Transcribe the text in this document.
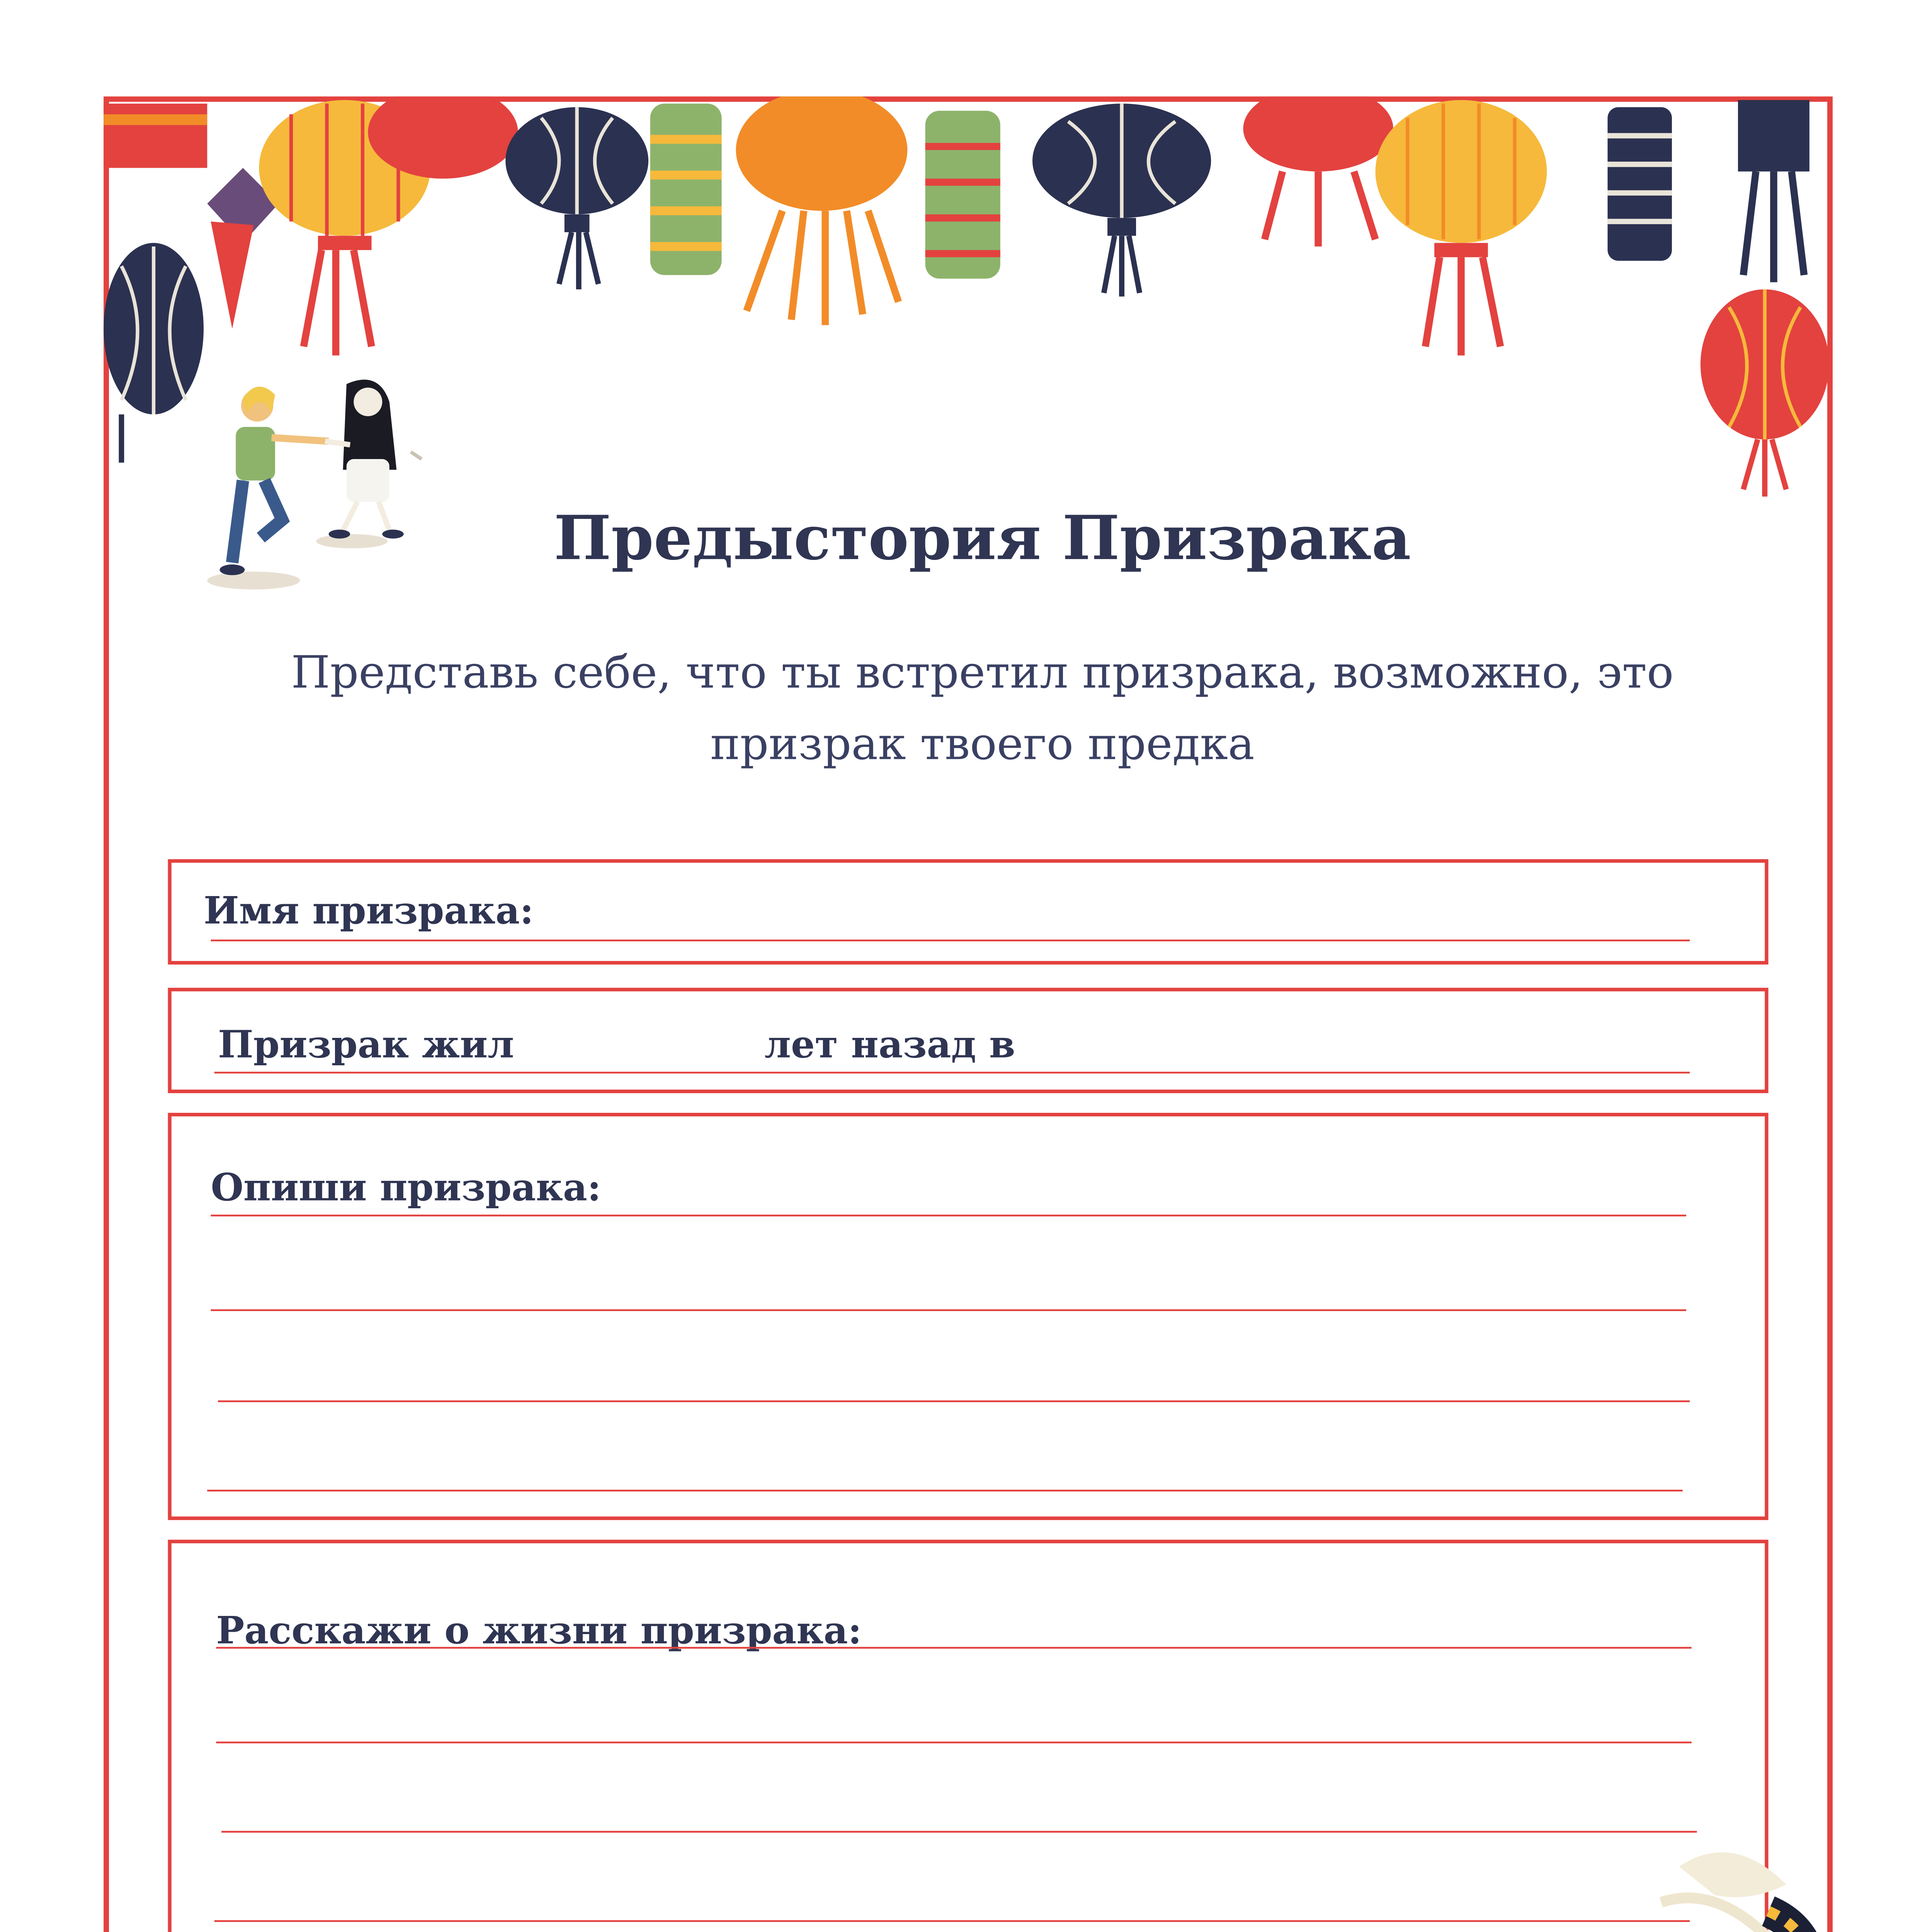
Предыстория Призрака
Представь себе, что ты встретил призрака, возможно, это
призрак твоего предка
Имя призрака:
Призрак жил	лет назад в
Опиши призрака:
Расскажи о жизни призрака:
